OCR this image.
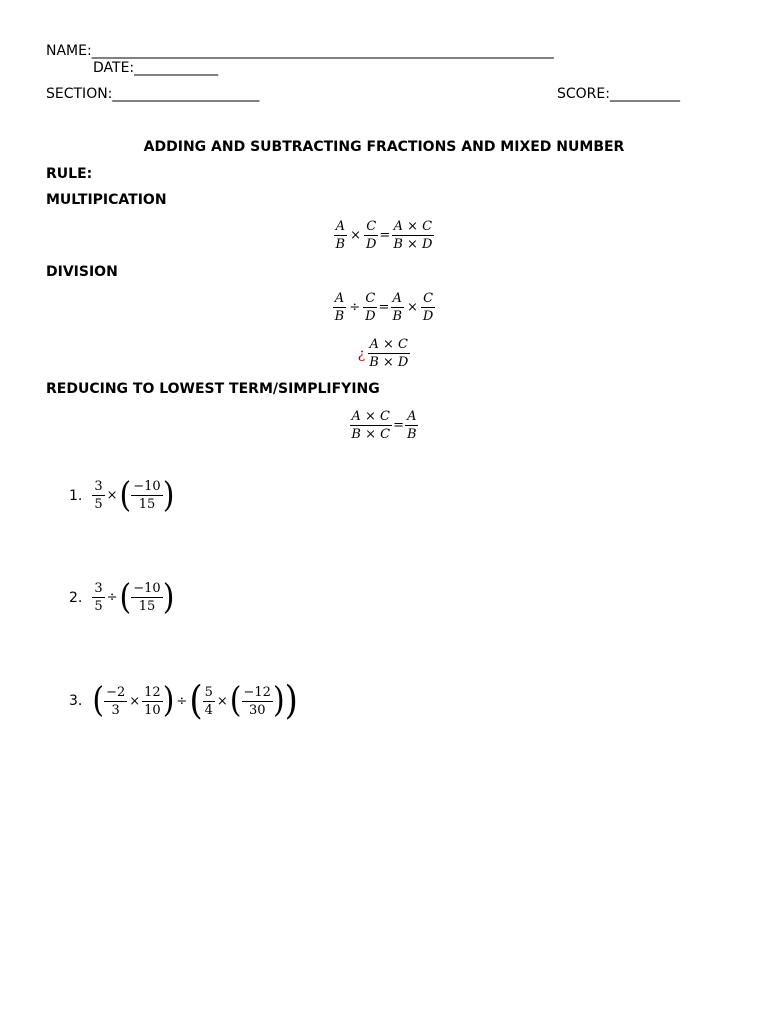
NAME:__________________________________________________________________
DATE:____________
SECTION:_____________________	SCORE:__________
ADDING AND SUBTRACTING FRACTIONS AND MIXED NUMBER
RULE:
MULTIPICATION
$\frac{A}{B} \times \frac{C}{D} = \frac{A \times C}{B \times D}$
DIVISION
$\frac{A}{B} \div \frac{C}{D} = \frac{A}{B} \times \frac{C}{D}$
¿ $\frac{A \times C}{B \times D}$
REDUCING TO LOWEST TERM/SIMPLIFYING
$\frac{A \times C}{B \times C} = \frac{A}{B}$
1. $\frac{3}{5}$ × ( $\frac{-10}{15}$
)
2. $\frac{3}{5}$ ÷ ( $\frac{-10}{15}$
)
3. ( $\frac{-2}{3} \times \frac{12}{10}$
) ÷ ( $\frac{5}{4}$ × ( $\frac{-12}{30}$
)
)
